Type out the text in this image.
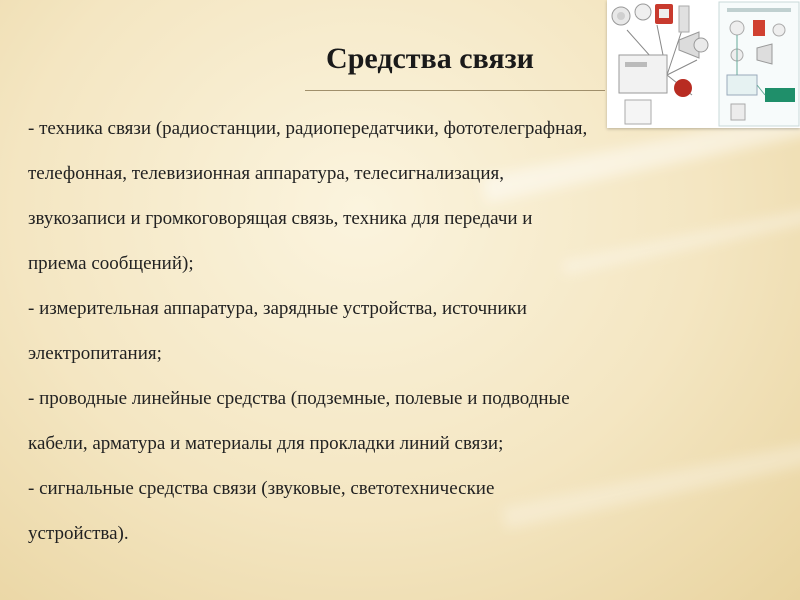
Средства связи

- техника связи (радиостанции, радиопередатчики, фототелеграфная,

телефонная, телевизионная аппаратура, телесигнализация,

звукозаписи и громкоговорящая связь, техника для передачи и

приема сообщений);

- измерительная аппаратура, зарядные устройства, источники

электропитания;

- проводные линейные средства (подземные, полевые и подводные

кабели, арматура и материалы для прокладки линий связи;

- сигнальные средства связи (звуковые, светотехнические

устройства).
